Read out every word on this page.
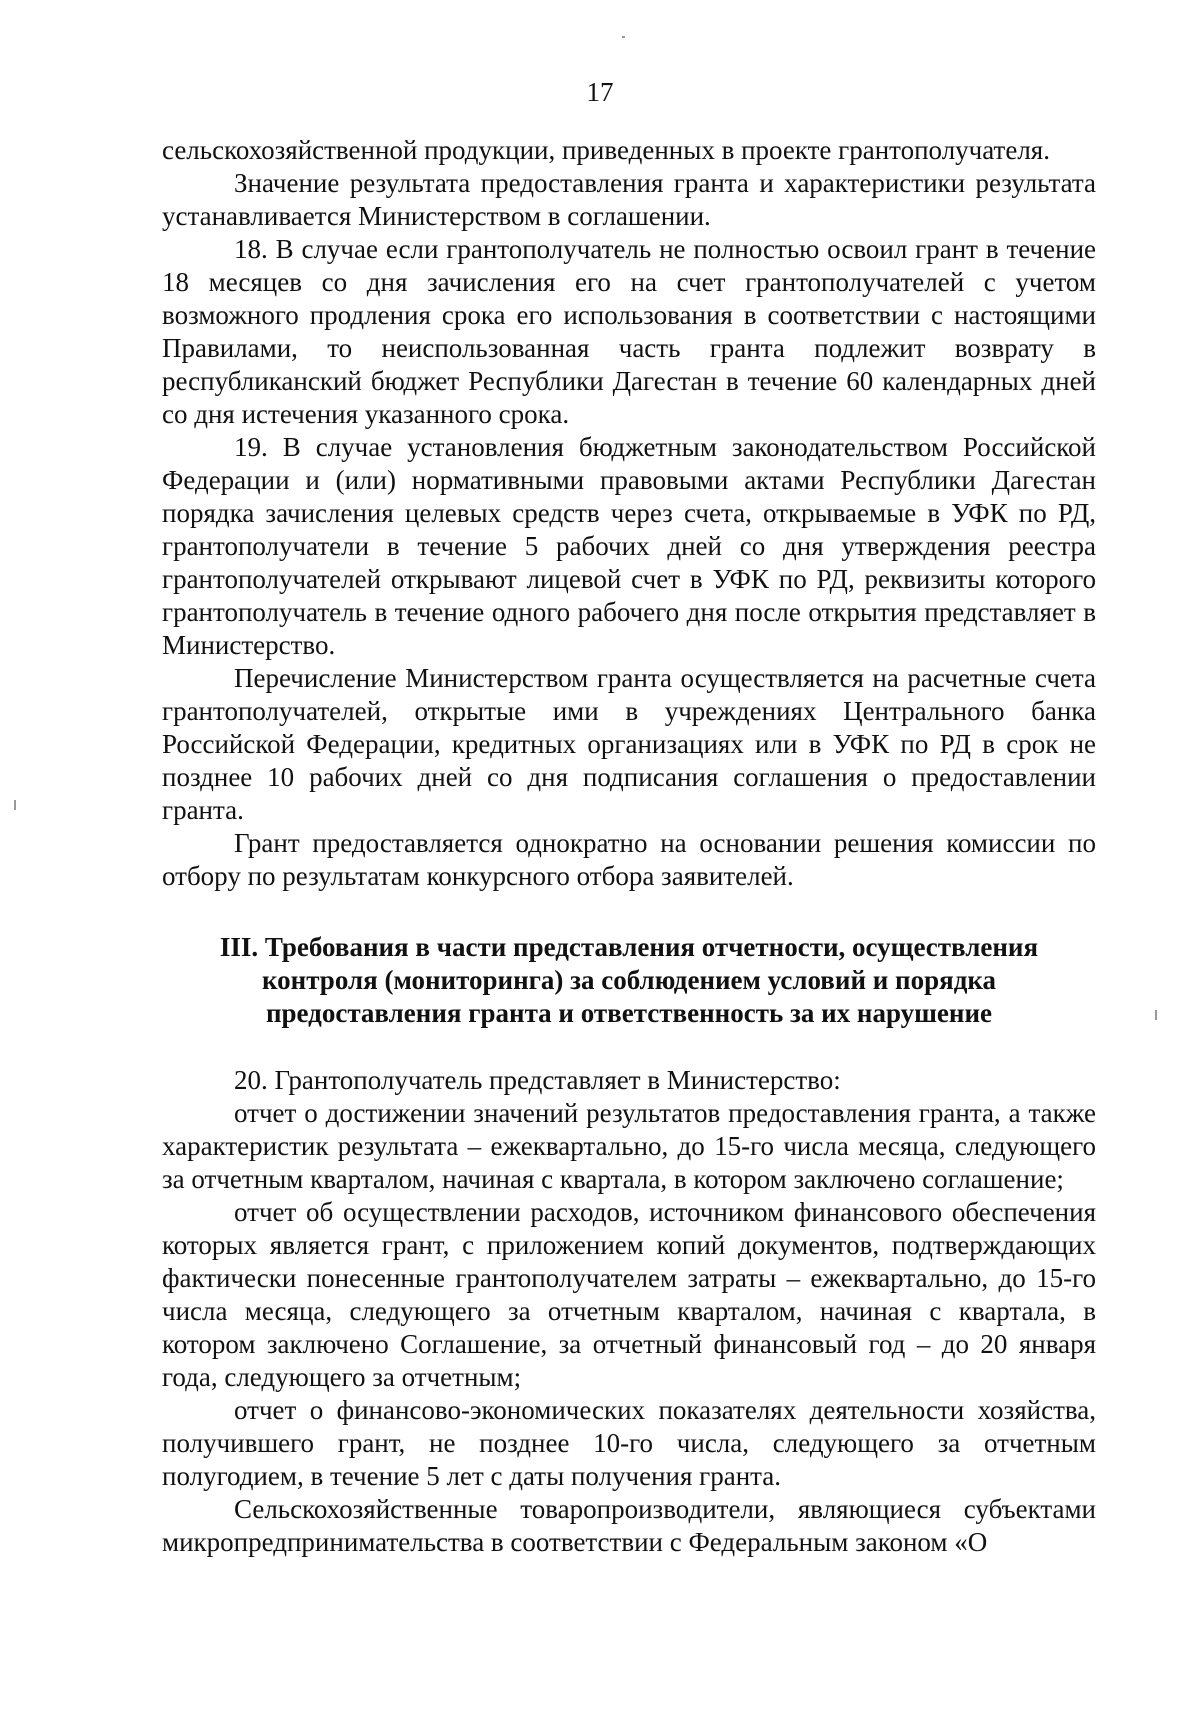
17

сельскохозяйственной продукции, приведенных в проекте грантополучателя.

Значение результата предоставления гранта и характеристики результата устанавливается Министерством в соглашении.

18. В случае если грантополучатель не полностью освоил грант в течение 18 месяцев со дня зачисления его на счет грантополучателей с учетом возможного продления срока его использования в соответствии с настоящими Правилами, то неиспользованная часть гранта подлежит возврату в республиканский бюджет Республики Дагестан в течение 60 календарных дней со дня истечения указанного срока.

19. В случае установления бюджетным законодательством Российской Федерации и (или) нормативными правовыми актами Республики Дагестан порядка зачисления целевых средств через счета, открываемые в УФК по РД, грантополучатели в течение 5 рабочих дней со дня утверждения реестра грантополучателей открывают лицевой счет в УФК по РД, реквизиты которого грантополучатель в течение одного рабочего дня после открытия представляет в Министерство.

Перечисление Министерством гранта осуществляется на расчетные счета грантополучателей, открытые ими в учреждениях Центрального банка Российской Федерации, кредитных организациях или в УФК по РД в срок не позднее 10 рабочих дней со дня подписания соглашения о предоставлении гранта.

Грант предоставляется однократно на основании решения комиссии по отбору по результатам конкурсного отбора заявителей.

III. Требования в части представления отчетности, осуществления
контроля (мониторинга) за соблюдением условий и порядка
предоставления гранта и ответственность за их нарушение

20. Грантополучатель представляет в Министерство:

отчет о достижении значений результатов предоставления гранта, а также характеристик результата – ежеквартально, до 15-го числа месяца, следующего за отчетным кварталом, начиная с квартала, в котором заключено соглашение;

отчет об осуществлении расходов, источником финансового обеспечения которых является грант, с приложением копий документов, подтверждающих фактически понесенные грантополучателем затраты – ежеквартально, до 15-го числа месяца, следующего за отчетным кварталом, начиная с квартала, в котором заключено Соглашение, за отчетный финансовый год – до 20 января года, следующего за отчетным;

отчет о финансово-экономических показателях деятельности хозяйства, получившего грант, не позднее 10-го числа, следующего за отчетным полугодием, в течение 5 лет с даты получения гранта.

Сельскохозяйственные товаропроизводители, являющиеся субъектами микропредпринимательства в соответствии с Федеральным законом «О
